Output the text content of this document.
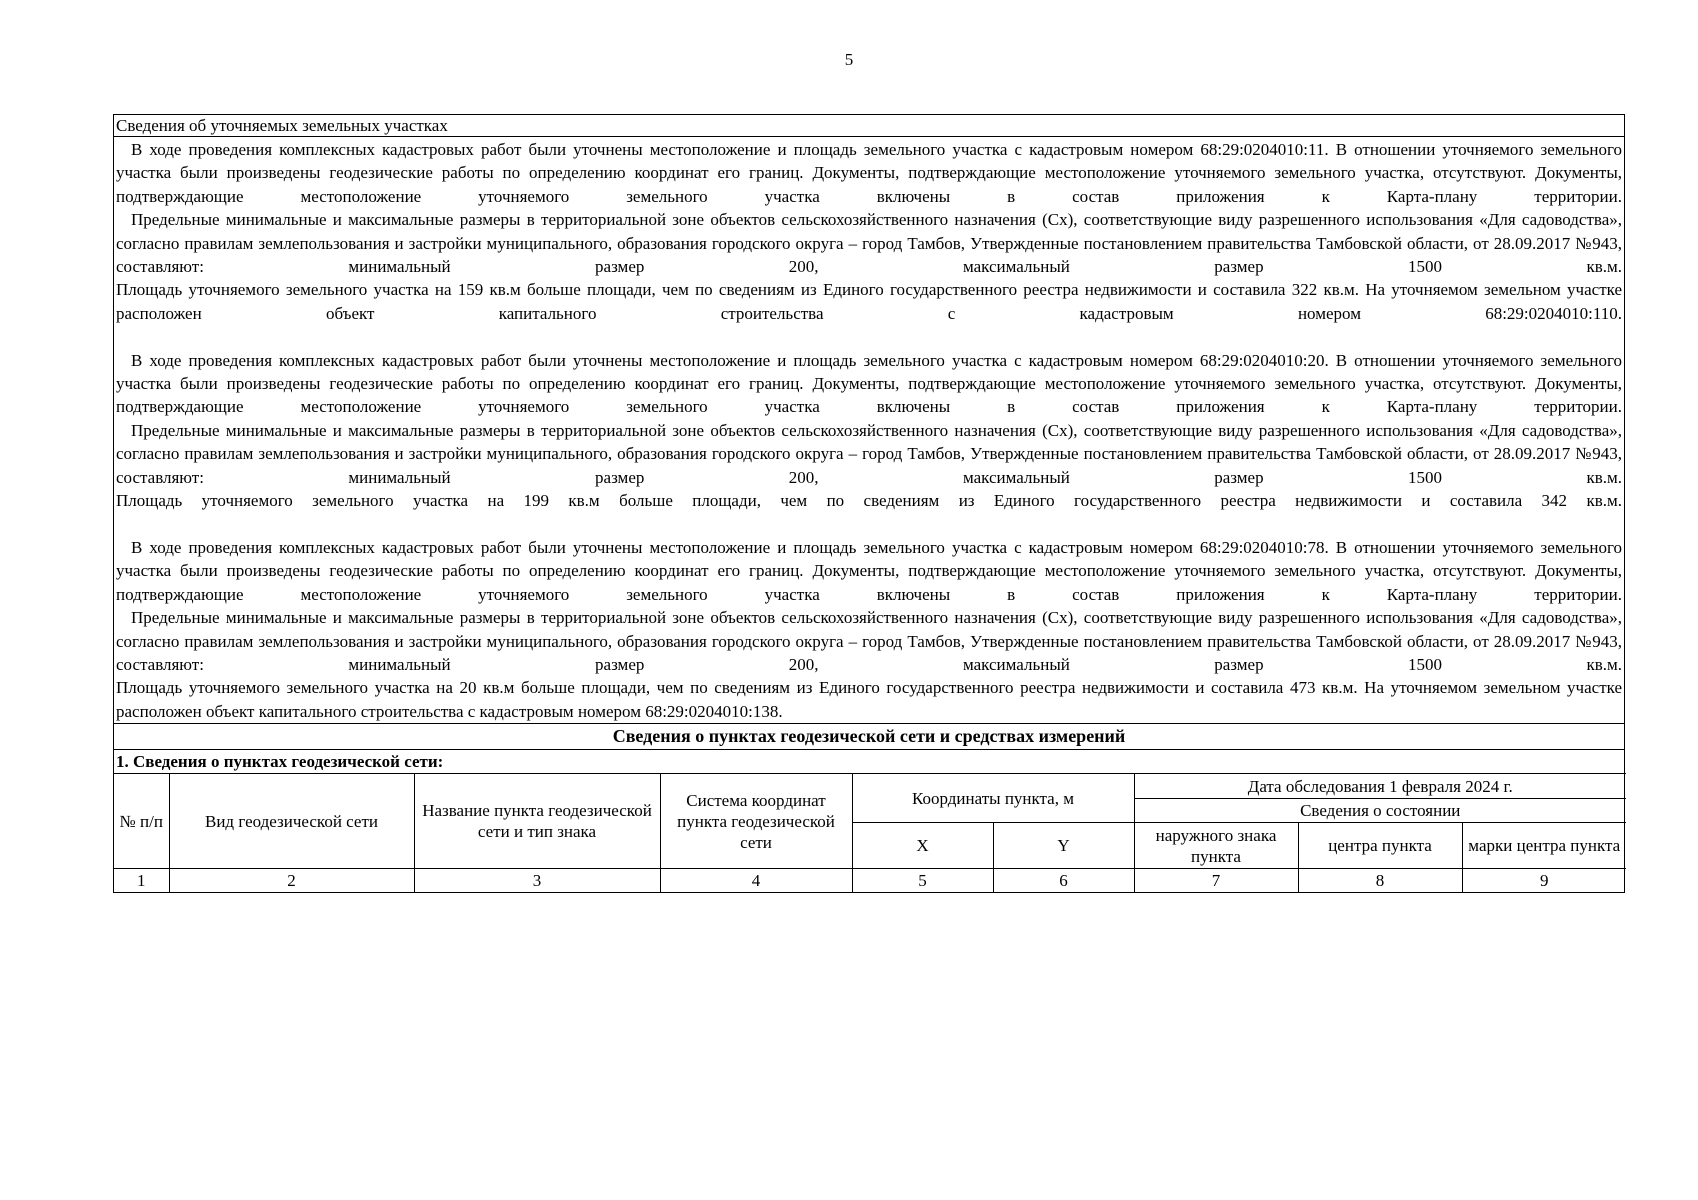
5
Сведения об уточняемых земельных участках
В ходе проведения комплексных кадастровых работ были уточнены местоположение и площадь земельного участка с кадастровым номером 68:29:0204010:11. В отношении уточняемого земельного участка были произведены геодезические работы по определению координат его границ. Документы, подтверждающие местоположение уточняемого земельного участка, отсутствуют. Документы, подтверждающие местоположение уточняемого земельного участка включены в состав приложения к Карта-плану территории.
Предельные минимальные и максимальные размеры в территориальной зоне объектов сельскохозяйственного назначения (Сх), соответствующие виду разрешенного использования «Для садоводства», согласно правилам землепользования и застройки муниципального, образования городского округа – город Тамбов, Утвержденные постановлением правительства Тамбовской области, от 28.09.2017 №943, составляют: минимальный размер 200, максимальный размер 1500 кв.м.
Площадь уточняемого земельного участка на 159 кв.м больше площади, чем по сведениям из Единого государственного реестра недвижимости и составила 322 кв.м. На уточняемом земельном участке расположен объект капитального строительства с кадастровым номером 68:29:0204010:110.
В ходе проведения комплексных кадастровых работ были уточнены местоположение и площадь земельного участка с кадастровым номером 68:29:0204010:20. В отношении уточняемого земельного участка были произведены геодезические работы по определению координат его границ. Документы, подтверждающие местоположение уточняемого земельного участка, отсутствуют. Документы, подтверждающие местоположение уточняемого земельного участка включены в состав приложения к Карта-плану территории.
Предельные минимальные и максимальные размеры в территориальной зоне объектов сельскохозяйственного назначения (Сх), соответствующие виду разрешенного использования «Для садоводства», согласно правилам землепользования и застройки муниципального, образования городского округа – город Тамбов, Утвержденные постановлением правительства Тамбовской области, от 28.09.2017 №943, составляют: минимальный размер 200, максимальный размер 1500 кв.м.
Площадь уточняемого земельного участка на 199 кв.м больше площади, чем по сведениям из Единого государственного реестра недвижимости и составила 342 кв.м.
В ходе проведения комплексных кадастровых работ были уточнены местоположение и площадь земельного участка с кадастровым номером 68:29:0204010:78. В отношении уточняемого земельного участка были произведены геодезические работы по определению координат его границ. Документы, подтверждающие местоположение уточняемого земельного участка, отсутствуют. Документы, подтверждающие местоположение уточняемого земельного участка включены в состав приложения к Карта-плану территории.
Предельные минимальные и максимальные размеры в территориальной зоне объектов сельскохозяйственного назначения (Сх), соответствующие виду разрешенного использования «Для садоводства», согласно правилам землепользования и застройки муниципального, образования городского округа – город Тамбов, Утвержденные постановлением правительства Тамбовской области, от 28.09.2017 №943, составляют: минимальный размер 200, максимальный размер 1500 кв.м.
Площадь уточняемого земельного участка на 20 кв.м больше площади, чем по сведениям из Единого государственного реестра недвижимости и составила 473 кв.м. На уточняемом земельном участке расположен объект капитального строительства с кадастровым номером 68:29:0204010:138.
Сведения о пунктах геодезической сети и средствах измерений
1. Сведения о пунктах геодезической сети:
№ п/п	Вид геодезической сети	Название пункта геодезической сети и тип знака	Система координат пункта геодезической сети	Координаты пункта, м		Дата обследования 1 февраля 2024 г.		
						Сведения о состоянии		
				X	Y	наружного знака пункта	центра пункта	марки центра пункта
1	2	3	4	5	6	7	8	9
